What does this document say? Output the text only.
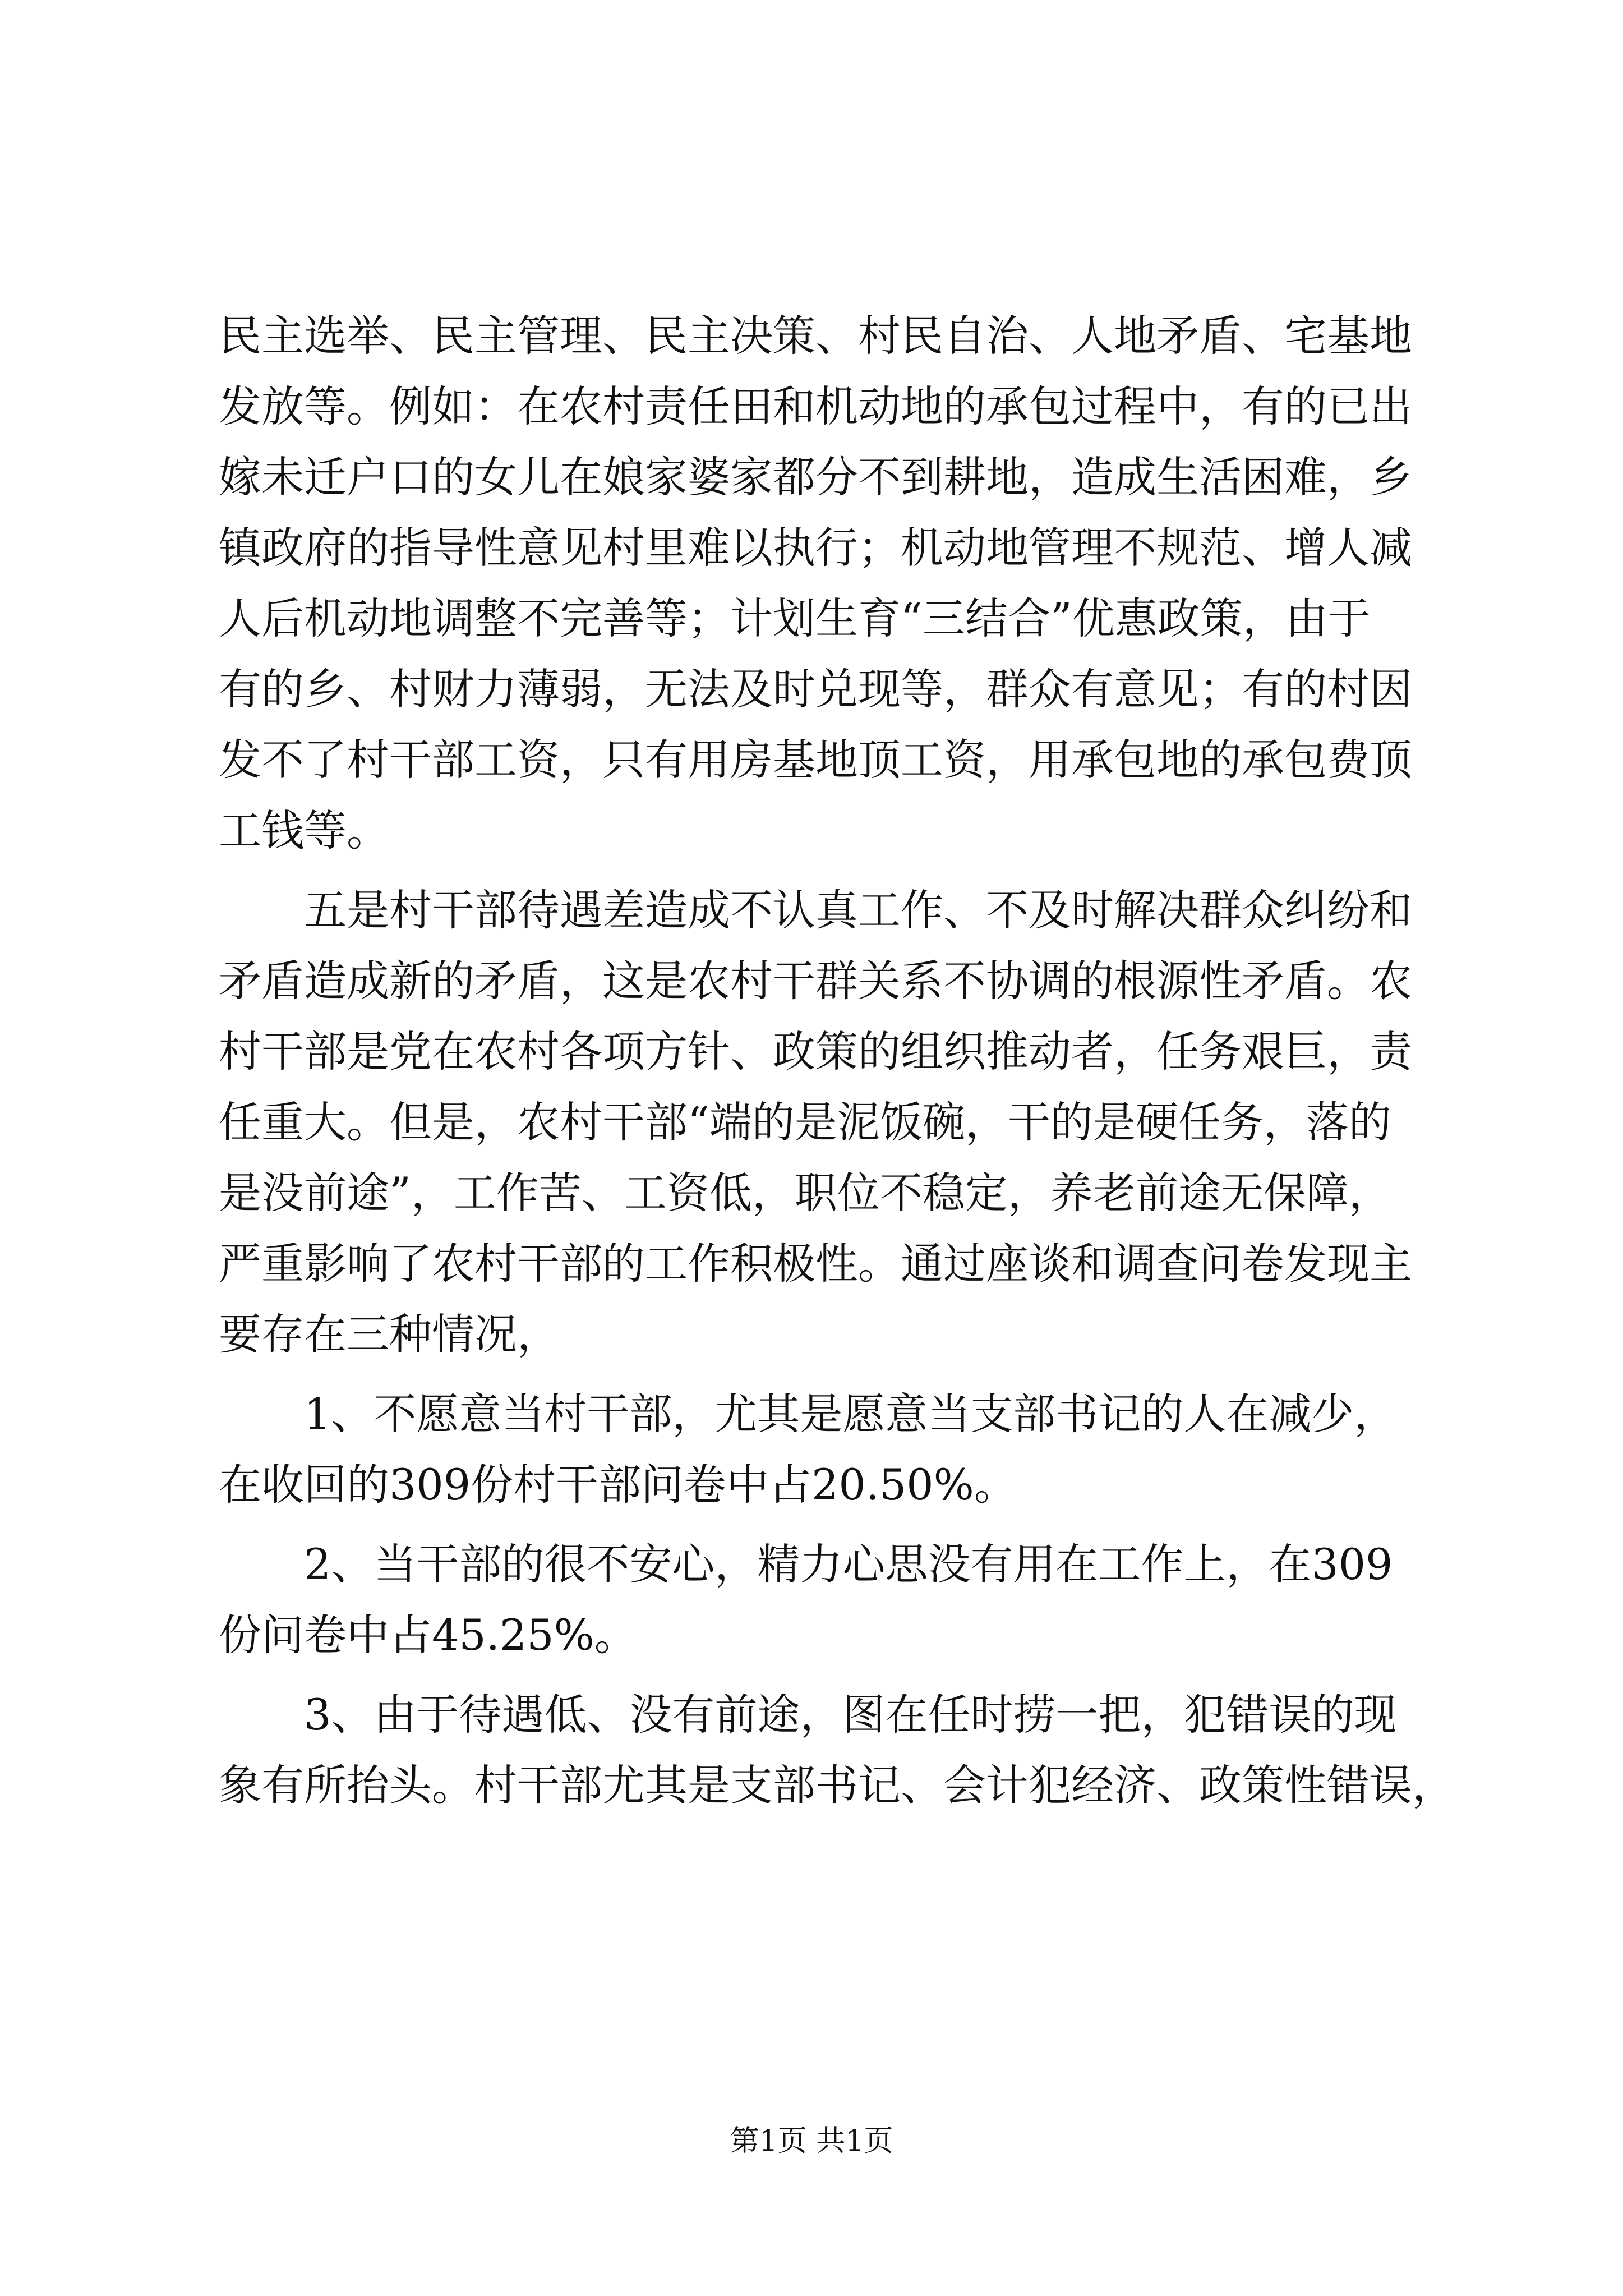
民主选举、民主管理、民主决策、村民自治、人地矛盾、宅基地
发放等。例如：在农村责任田和机动地的承包过程中，有的已出
嫁未迁户口的女儿在娘家婆家都分不到耕地，造成生活困难，乡
镇政府的指导性意见村里难以执行；机动地管理不规范、增人减
人后机动地调整不完善等；计划生育“三结合”优惠政策，由于
有的乡、村财力薄弱，无法及时兑现等，群众有意见；有的村因
发不了村干部工资，只有用房基地顶工资，用承包地的承包费顶
工钱等。
五是村干部待遇差造成不认真工作、不及时解决群众纠纷和
矛盾造成新的矛盾，这是农村干群关系不协调的根源性矛盾。农
村干部是党在农村各项方针、政策的组织推动者，任务艰巨，责
任重大。但是，农村干部“端的是泥饭碗，干的是硬任务，落的
是没前途”，工作苦、工资低，职位不稳定，养老前途无保障，
严重影响了农村干部的工作积极性。通过座谈和调查问卷发现主
要存在三种情况，
1、不愿意当村干部，尤其是愿意当支部书记的人在减少，
在收回的309份村干部问卷中占20.50%。
2、当干部的很不安心，精力心思没有用在工作上，在309
份问卷中占45.25%。
3、由于待遇低、没有前途，图在任时捞一把，犯错误的现
象有所抬头。村干部尤其是支部书记、会计犯经济、政策性错误，
第1页 共1页
